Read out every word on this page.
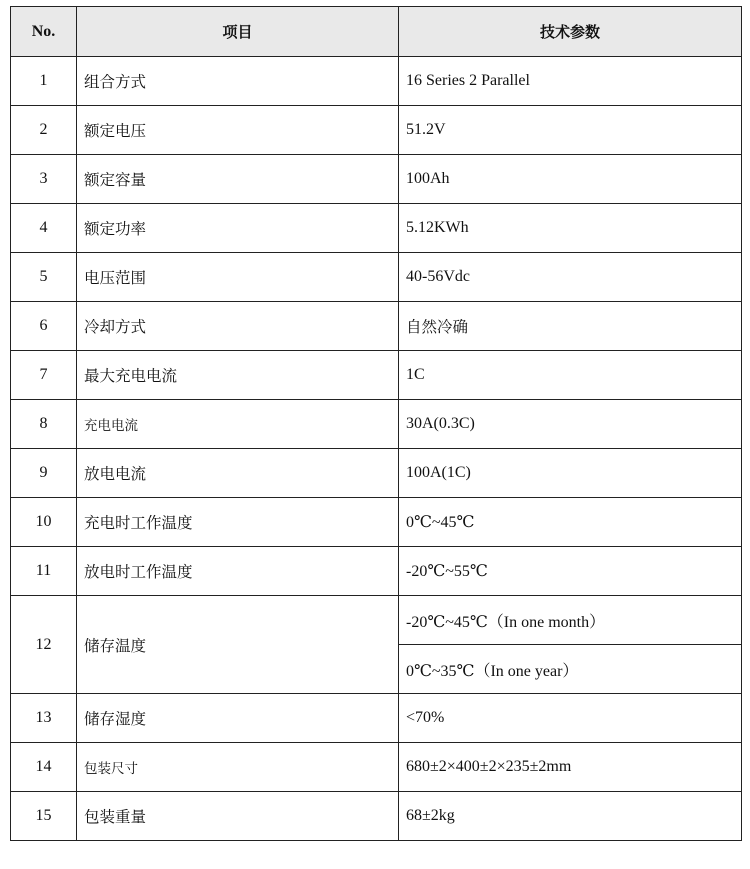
No.	项目	技术参数
1	组合方式	16 Series 2 Parallel
2	额定电压	51.2V
3	额定容量	100Ah
4	额定功率	5.12KWh
5	电压范围	40-56Vdc
6	冷却方式	自然冷确
7	最大充电电流	1C
8	充电电流	30A(0.3C)
9	放电电流	100A(1C)
10	充电时工作温度	0℃~45℃
11	放电时工作温度	-20℃~55℃
12	储存温度	-20℃~45℃（In one month）
		0℃~35℃（In one year）
13	储存湿度	<70%
14	包装尺寸	680±2×400±2×235±2mm
15	包装重量	68±2kg
